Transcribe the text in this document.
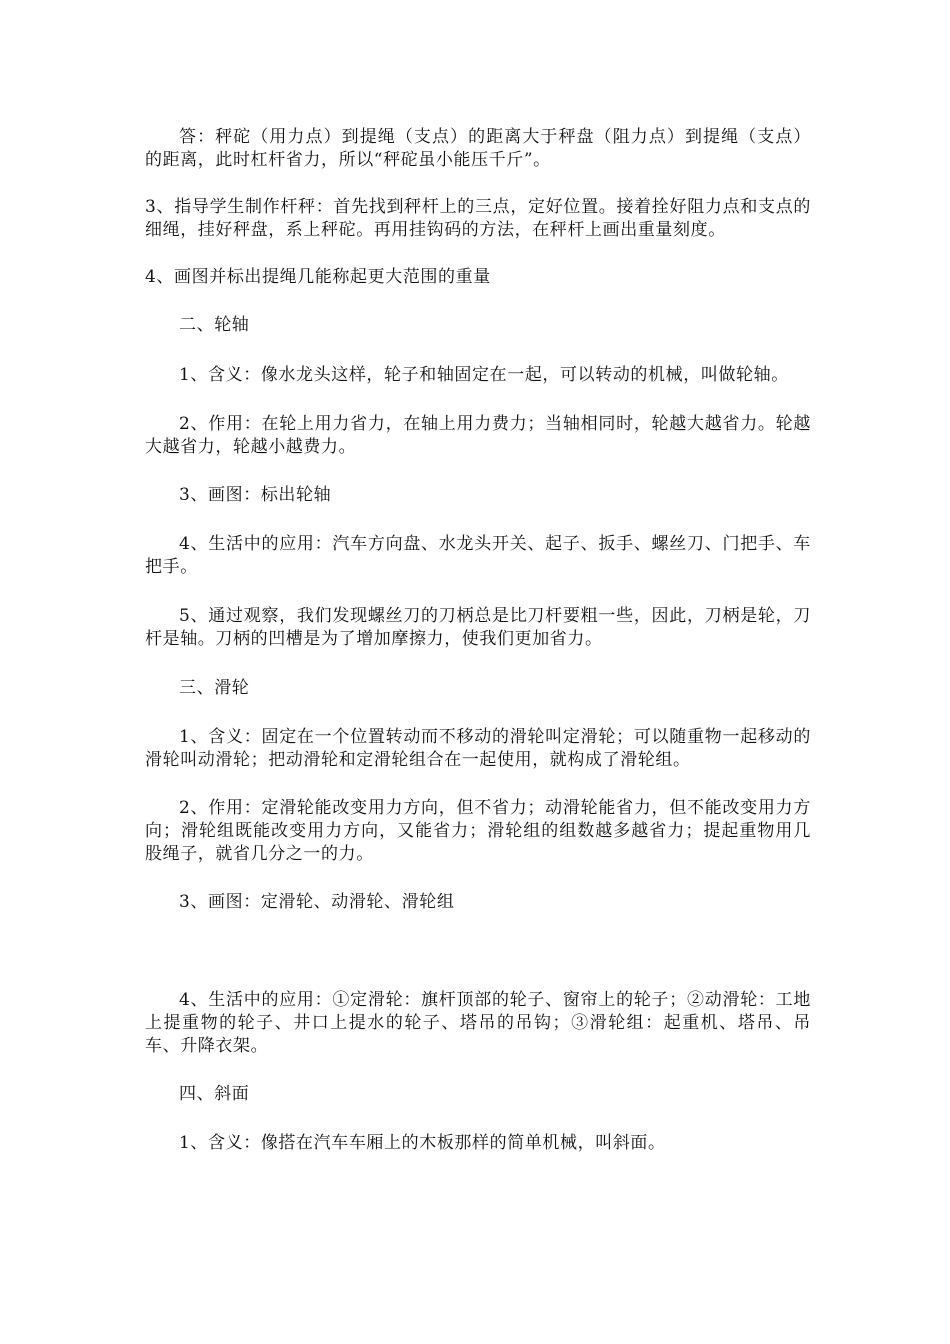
答：秤砣（用力点）到提绳（支点）的距离大于秤盘（阻力点）到提绳（支点）的距离，此时杠杆省力，所以“秤砣虽小能压千斤”。

3、指导学生制作杆秤：首先找到秤杆上的三点，定好位置。接着拴好阻力点和支点的细绳，挂好秤盘，系上秤砣。再用挂钩码的方法，在秤杆上画出重量刻度。

4、画图并标出提绳几能称起更大范围的重量

二、轮轴

1、含义：像水龙头这样，轮子和轴固定在一起，可以转动的机械，叫做轮轴。

2、作用：在轮上用力省力，在轴上用力费力；当轴相同时，轮越大越省力。轮越大越省力，轮越小越费力。

3、画图：标出轮轴

4、生活中的应用：汽车方向盘、水龙头开关、起子、扳手、螺丝刀、门把手、车把手。

5、通过观察，我们发现螺丝刀的刀柄总是比刀杆要粗一些，因此，刀柄是轮，刀杆是轴。刀柄的凹槽是为了增加摩擦力，使我们更加省力。

三、滑轮

1、含义：固定在一个位置转动而不移动的滑轮叫定滑轮；可以随重物一起移动的滑轮叫动滑轮；把动滑轮和定滑轮组合在一起使用，就构成了滑轮组。

2、作用：定滑轮能改变用力方向，但不省力；动滑轮能省力，但不能改变用力方向；滑轮组既能改变用力方向，又能省力；滑轮组的组数越多越省力；提起重物用几股绳子，就省几分之一的力。

3、画图：定滑轮、动滑轮、滑轮组

4、生活中的应用：①定滑轮：旗杆顶部的轮子、窗帘上的轮子；②动滑轮：工地上提重物的轮子、井口上提水的轮子、塔吊的吊钩；③滑轮组：起重机、塔吊、吊车、升降衣架。

四、斜面

1、含义：像搭在汽车车厢上的木板那样的简单机械，叫斜面。
